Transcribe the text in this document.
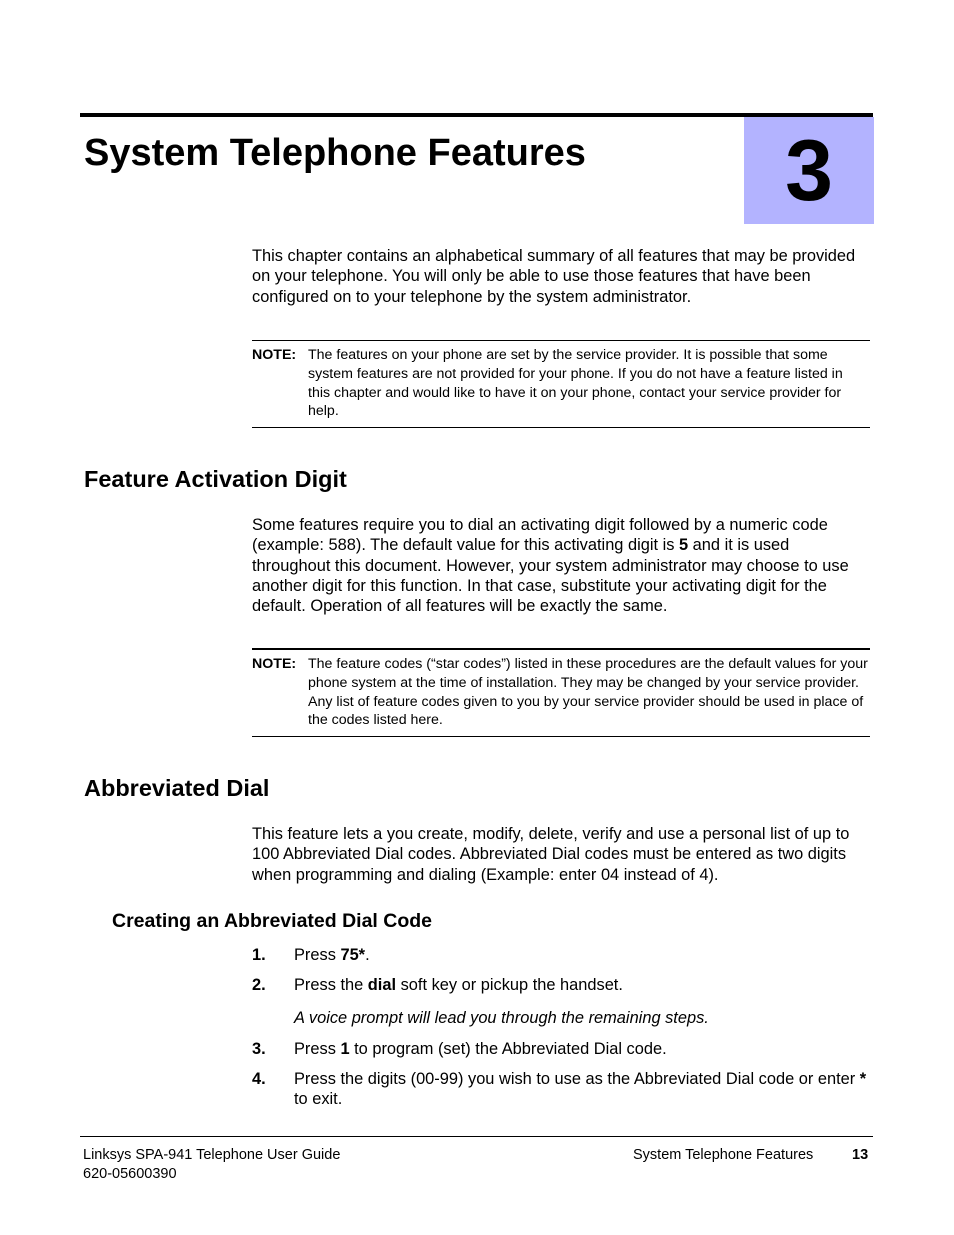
System Telephone Features 3

This chapter contains an alphabetical summary of all features that may be provided on your telephone. You will only be able to use those features that have been configured on to your telephone by the system administrator.

NOTE: The features on your phone are set by the service provider. It is possible that some system features are not provided for your phone. If you do not have a feature listed in this chapter and would like to have it on your phone, contact your service provider for help.
Feature Activation Digit

Some features require you to dial an activating digit followed by a numeric code (example: 588). The default value for this activating digit is 5 and it is used throughout this document. However, your system administrator may choose to use another digit for this function. In that case, substitute your activating digit for the default. Operation of all features will be exactly the same.

NOTE: The feature codes (“star codes”) listed in these procedures are the default values for your phone system at the time of installation. They may be changed by your service provider. Any list of feature codes given to you by your service provider should be used in place of the codes listed here.
Abbreviated Dial

This feature lets a you create, modify, delete, verify and use a personal list of up to 100 Abbreviated Dial codes. Abbreviated Dial codes must be entered as two digits when programming and dialing (Example: enter 04 instead of 4).

Creating an Abbreviated Dial Code
1. Press 75*.
2. Press the dial soft key or pickup the handset.
A voice prompt will lead you through the remaining steps.
3. Press 1 to program (set) the Abbreviated Dial code.
4. Press the digits (00-99) you wish to use as the Abbreviated Dial code or enter * to exit.
Linksys SPA-941 Telephone User Guide
620-05600390
System Telephone Features	13
